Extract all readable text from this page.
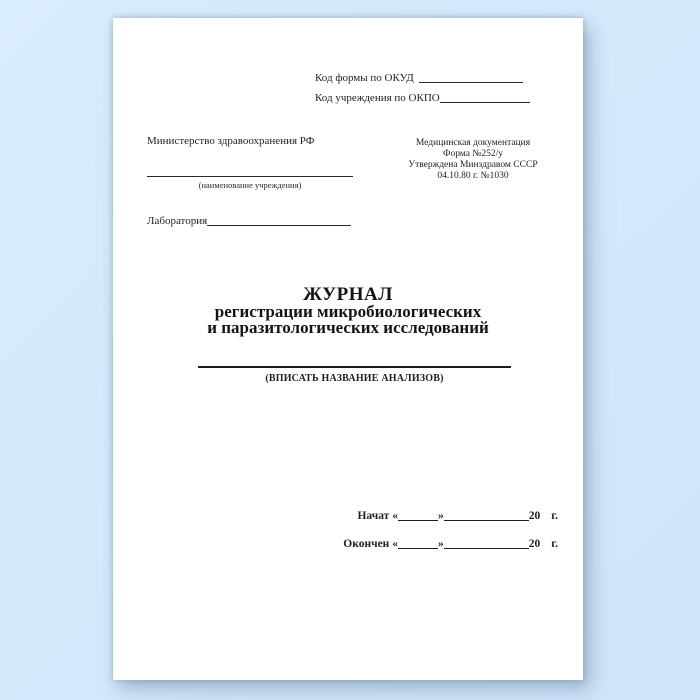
Код формы по ОКУД
Код учреждения по ОКПО
Министерство здравоохранения РФ
(наименование учреждения)
Лаборатория
Медицинская документация
Форма №252/у
Утверждена Минздравом СССР
04.10.80 г. №1030
ЖУРНАЛ
регистрации микробиологических
и паразитологических исследований
(ВПИСАТЬ НАЗВАНИЕ АНАЛИЗОВ)
Начат «	»	20 г.
Окончен «	»	20 г.
